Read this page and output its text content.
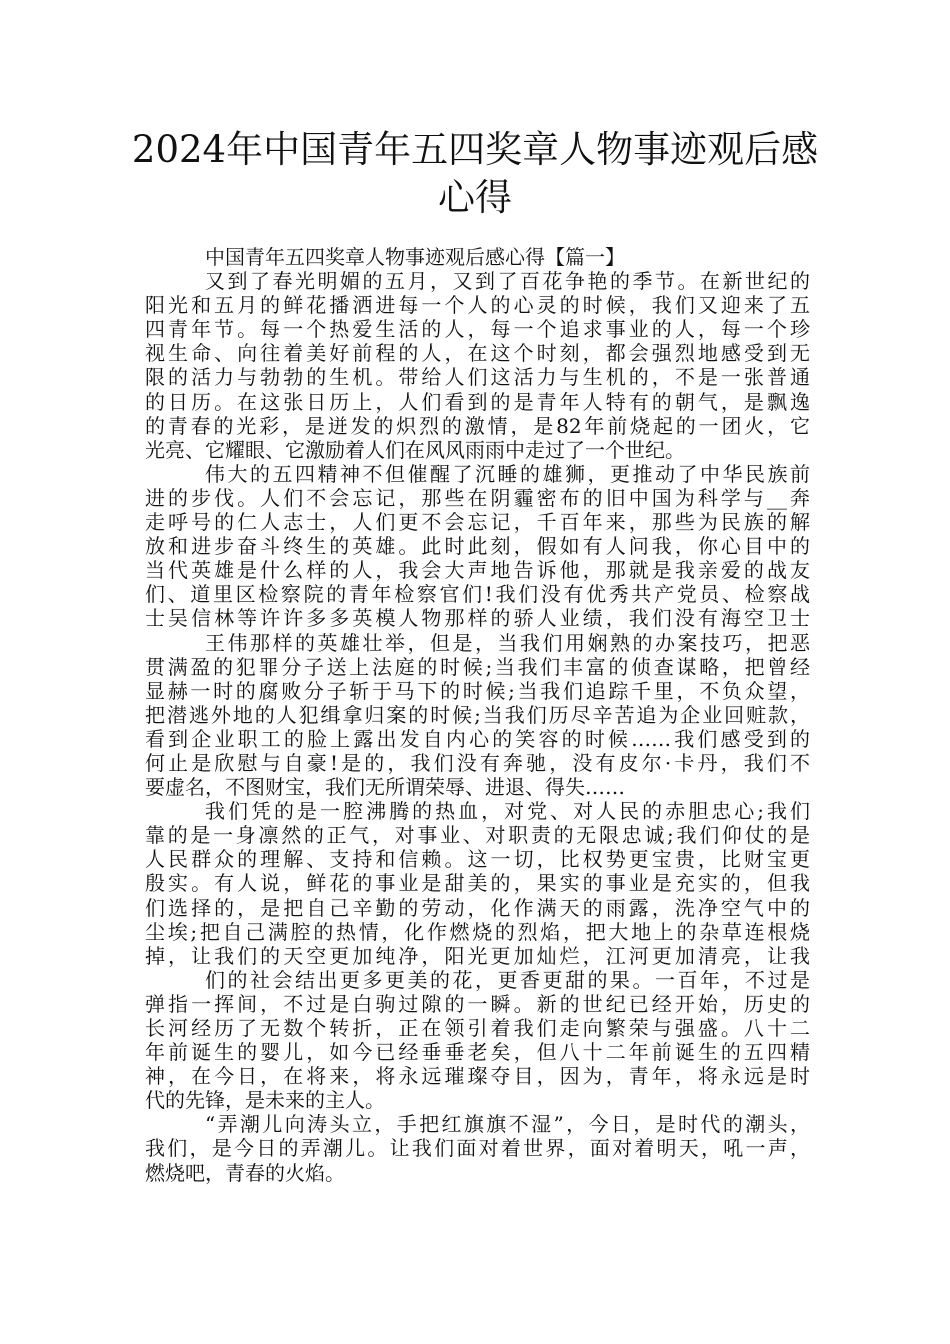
2024年中国青年五四奖章人物事迹观后感
心得
中国青年五四奖章人物事迹观后感心得【篇一】
又到了春光明媚的五月，又到了百花争艳的季节。在新世纪的
阳光和五月的鲜花播洒进每一个人的心灵的时候，我们又迎来了五
四青年节。每一个热爱生活的人，每一个追求事业的人，每一个珍
视生命、向往着美好前程的人，在这个时刻，都会强烈地感受到无
限的活力与勃勃的生机。带给人们这活力与生机的，不是一张普通
的日历。在这张日历上，人们看到的是青年人特有的朝气，是飘逸
的青春的光彩，是迸发的炽烈的激情，是82年前烧起的一团火，它
光亮、它耀眼、它激励着人们在风风雨雨中走过了一个世纪。
伟大的五四精神不但催醒了沉睡的雄狮，更推动了中华民族前
进的步伐。人们不会忘记，那些在阴霾密布的旧中国为科学与__奔
走呼号的仁人志士，人们更不会忘记，千百年来，那些为民族的解
放和进步奋斗终生的英雄。此时此刻，假如有人问我，你心目中的
当代英雄是什么样的人，我会大声地告诉他，那就是我亲爱的战友
们、道里区检察院的青年检察官们!我们没有优秀共产党员、检察战
士吴信林等许许多多英模人物那样的骄人业绩，我们没有海空卫士
王伟那样的英雄壮举，但是，当我们用娴熟的办案技巧，把恶
贯满盈的犯罪分子送上法庭的时候;当我们丰富的侦查谋略，把曾经
显赫一时的腐败分子斩于马下的时候;当我们追踪千里，不负众望，
把潜逃外地的人犯缉拿归案的时候;当我们历尽辛苦追为企业回赃款，
看到企业职工的脸上露出发自内心的笑容的时候……我们感受到的
何止是欣慰与自豪!是的，我们没有奔驰，没有皮尔·卡丹，我们不
要虚名，不图财宝，我们无所谓荣辱、进退、得失……
我们凭的是一腔沸腾的热血，对党、对人民的赤胆忠心;我们
靠的是一身凛然的正气，对事业、对职责的无限忠诚;我们仰仗的是
人民群众的理解、支持和信赖。这一切，比权势更宝贵，比财宝更
殷实。有人说，鲜花的事业是甜美的，果实的事业是充实的，但我
们选择的，是把自己辛勤的劳动，化作满天的雨露，洗净空气中的
尘埃;把自己满腔的热情，化作燃烧的烈焰，把大地上的杂草连根烧
掉，让我们的天空更加纯净，阳光更加灿烂，江河更加清亮，让我
们的社会结出更多更美的花，更香更甜的果。一百年，不过是
弹指一挥间，不过是白驹过隙的一瞬。新的世纪已经开始，历史的
长河经历了无数个转折，正在领引着我们走向繁荣与强盛。八十二
年前诞生的婴儿，如今已经垂垂老矣，但八十二年前诞生的五四精
神，在今日，在将来，将永远璀璨夺目，因为，青年，将永远是时
代的先锋，是未来的主人。
“弄潮儿向涛头立，手把红旗旗不湿”，今日，是时代的潮头，
我们，是今日的弄潮儿。让我们面对着世界，面对着明天，吼一声，
燃烧吧，青春的火焰。
